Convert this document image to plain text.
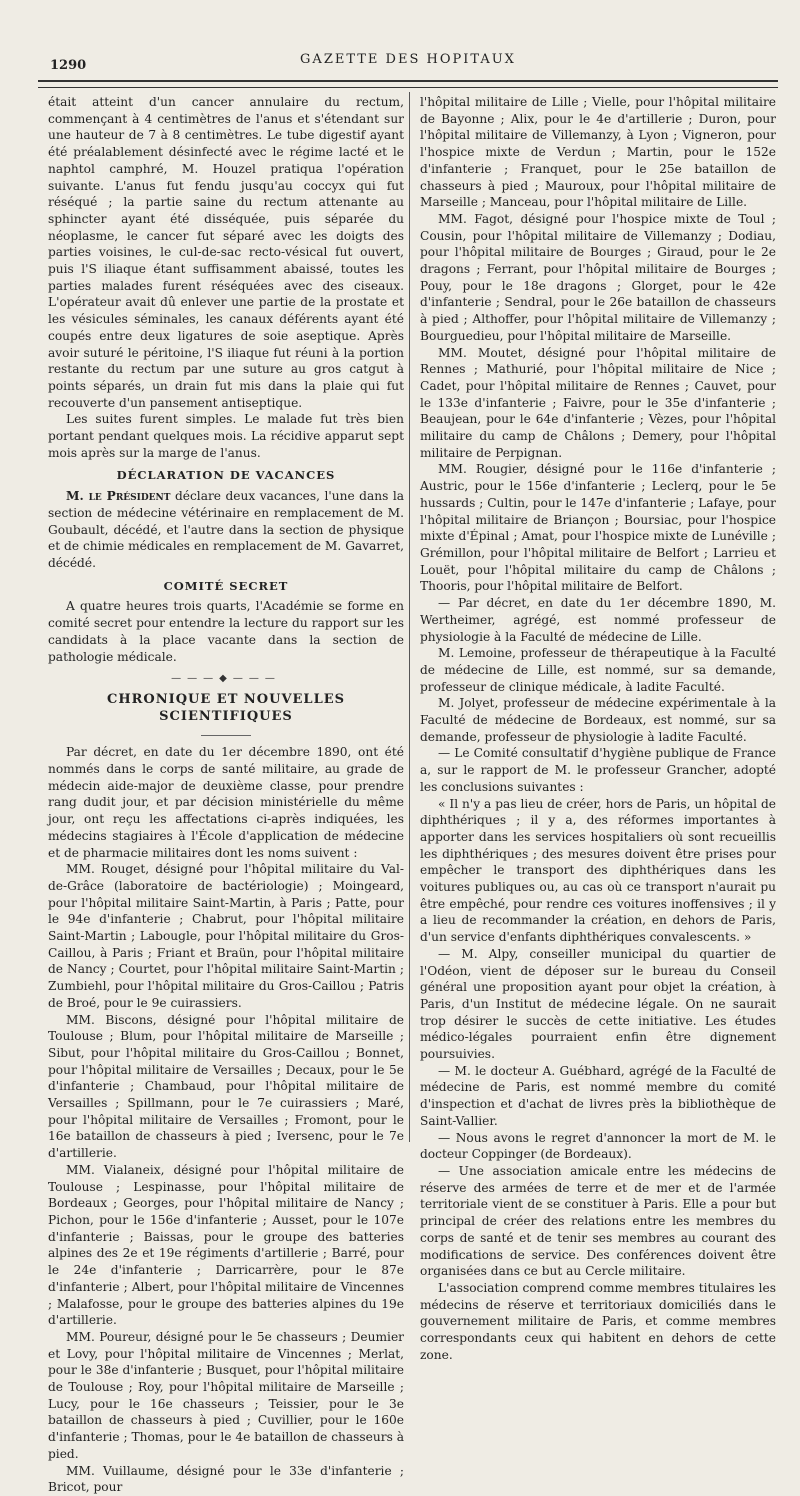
1290	GAZETTE DES HOPITAUX

était atteint d'un cancer annulaire du rectum, commençant à 4 centimètres de l'anus et s'étendant sur une hauteur de 7 à 8 centimètres. Le tube digestif ayant été préalablement désinfecté avec le régime lacté et le naphtol camphré, M. Houzel pratiqua l'opération suivante. L'anus fut fendu jusqu'au coccyx qui fut réséqué ; la partie saine du rectum attenante au sphincter ayant été disséquée, puis séparée du néoplasme, le cancer fut séparé avec les doigts des parties voisines, le cul-de-sac recto-vésical fut ouvert, puis l'S iliaque étant suffisamment abaissé, toutes les parties malades furent réséquées avec des ciseaux. L'opérateur avait dû enlever une partie de la prostate et les vésicules séminales, les canaux déférents ayant été coupés entre deux ligatures de soie aseptique. Après avoir suturé le péritoine, l'S iliaque fut réuni à la portion restante du rectum par une suture au gros catgut à points séparés, un drain fut mis dans la plaie qui fut recouverte d'un pansement antiseptique.

Les suites furent simples. Le malade fut très bien portant pendant quelques mois. La récidive apparut sept mois après sur la marge de l'anus.

DÉCLARATION DE VACANCES

M. le Président déclare deux vacances, l'une dans la section de médecine vétérinaire en remplacement de M. Goubault, décédé, et l'autre dans la section de physique et de chimie médicales en remplacement de M. Gavarret, décédé.

COMITÉ SECRET

A quatre heures trois quarts, l'Académie se forme en comité secret pour entendre la lecture du rapport sur les candidats à la place vacante dans la section de pathologie médicale.

———◆———
CHRONIQUE ET NOUVELLES SCIENTIFIQUES

Par décret, en date du 1er décembre 1890, ont été nommés dans le corps de santé militaire, au grade de médecin aide-major de deuxième classe, pour prendre rang dudit jour, et par décision ministérielle du même jour, ont reçu les affectations ci-après indiquées, les médecins stagiaires à l'École d'application de médecine et de pharmacie militaires dont les noms suivent :

MM. Rouget, désigné pour l'hôpital militaire du Val-de-Grâce (laboratoire de bactériologie) ; Moingeard, pour l'hôpital militaire Saint-Martin, à Paris ; Patte, pour le 94e d'infanterie ; Chabrut, pour l'hôpital militaire Saint-Martin ; Labougle, pour l'hôpital militaire du Gros-Caillou, à Paris ; Friant et Braün, pour l'hôpital militaire de Nancy ; Courtet, pour l'hôpital militaire Saint-Martin ; Zumbiehl, pour l'hôpital militaire du Gros-Caillou ; Patris de Broé, pour le 9e cuirassiers.

MM. Biscons, désigné pour l'hôpital militaire de Toulouse ; Blum, pour l'hôpital militaire de Marseille ; Sibut, pour l'hôpital militaire du Gros-Caillou ; Bonnet, pour l'hôpital militaire de Versailles ; Decaux, pour le 5e d'infanterie ; Chambaud, pour l'hôpital militaire de Versailles ; Spillmann, pour le 7e cuirassiers ; Maré, pour l'hôpital militaire de Versailles ; Fromont, pour le 16e bataillon de chasseurs à pied ; Iversenc, pour le 7e d'artillerie.

MM. Vialaneix, désigné pour l'hôpital militaire de Toulouse ; Lespinasse, pour l'hôpital militaire de Bordeaux ; Georges, pour l'hôpital militaire de Nancy ; Pichon, pour le 156e d'infanterie ; Ausset, pour le 107e d'infanterie ; Baissas, pour le groupe des batteries alpines des 2e et 19e régiments d'artillerie ; Barré, pour le 24e d'infanterie ; Darricarrère, pour le 87e d'infanterie ; Albert, pour l'hôpital militaire de Vincennes ; Malafosse, pour le groupe des batteries alpines du 19e d'artillerie.

MM. Poureur, désigné pour le 5e chasseurs ; Deumier et Lovy, pour l'hôpital militaire de Vincennes ; Merlat, pour le 38e d'infanterie ; Busquet, pour l'hôpital militaire de Toulouse ; Roy, pour l'hôpital militaire de Marseille ; Lucy, pour le 16e chasseurs ; Teissier, pour le 3e bataillon de chasseurs à pied ; Cuvillier, pour le 160e d'infanterie ; Thomas, pour le 4e bataillon de chasseurs à pied.

MM. Vuillaume, désigné pour le 33e d'infanterie ; Bricot, pour

l'hôpital militaire de Lille ; Vielle, pour l'hôpital militaire de Bayonne ; Alix, pour le 4e d'artillerie ; Duron, pour l'hôpital militaire de Villemanzy, à Lyon ; Vigneron, pour l'hospice mixte de Verdun ; Martin, pour le 152e d'infanterie ; Franquet, pour le 25e bataillon de chasseurs à pied ; Mauroux, pour l'hôpital militaire de Marseille ; Manceau, pour l'hôpital militaire de Lille.

MM. Fagot, désigné pour l'hospice mixte de Toul ; Cousin, pour l'hôpital militaire de Villemanzy ; Dodiau, pour l'hôpital militaire de Bourges ; Giraud, pour le 2e dragons ; Ferrant, pour l'hôpital militaire de Bourges ; Pouy, pour le 18e dragons ; Glorget, pour le 42e d'infanterie ; Sendral, pour le 26e bataillon de chasseurs à pied ; Althoffer, pour l'hôpital militaire de Villemanzy ; Bourguedieu, pour l'hôpital militaire de Marseille.

MM. Moutet, désigné pour l'hôpital militaire de Rennes ; Mathurié, pour l'hôpital militaire de Nice ; Cadet, pour l'hôpital militaire de Rennes ; Cauvet, pour le 133e d'infanterie ; Faivre, pour le 35e d'infanterie ; Beaujean, pour le 64e d'infanterie ; Vèzes, pour l'hôpital militaire du camp de Châlons ; Demery, pour l'hôpital militaire de Perpignan.

MM. Rougier, désigné pour le 116e d'infanterie ; Austric, pour le 156e d'infanterie ; Leclerq, pour le 5e hussards ; Cultin, pour le 147e d'infanterie ; Lafaye, pour l'hôpital militaire de Briançon ; Boursiac, pour l'hospice mixte d'Épinal ; Amat, pour l'hospice mixte de Lunéville ; Grémillon, pour l'hôpital militaire de Belfort ; Larrieu et Louët, pour l'hôpital militaire du camp de Châlons ; Thooris, pour l'hôpital militaire de Belfort.

— Par décret, en date du 1er décembre 1890, M. Wertheimer, agrégé, est nommé professeur de physiologie à la Faculté de médecine de Lille.

M. Lemoine, professeur de thérapeutique à la Faculté de médecine de Lille, est nommé, sur sa demande, professeur de clinique médicale, à ladite Faculté.

M. Jolyet, professeur de médecine expérimentale à la Faculté de médecine de Bordeaux, est nommé, sur sa demande, professeur de physiologie à ladite Faculté.

— Le Comité consultatif d'hygiène publique de France a, sur le rapport de M. le professeur Grancher, adopté les conclusions suivantes :

« Il n'y a pas lieu de créer, hors de Paris, un hôpital de diphthériques ; il y a, des réformes importantes à apporter dans les services hospitaliers où sont recueillis les diphthériques ; des mesures doivent être prises pour empêcher le transport des diphthériques dans les voitures publiques ou, au cas où ce transport n'aurait pu être empêché, pour rendre ces voitures inoffensives ; il y a lieu de recommander la création, en dehors de Paris, d'un service d'enfants diphthériques convalescents. »

— M. Alpy, conseiller municipal du quartier de l'Odéon, vient de déposer sur le bureau du Conseil général une proposition ayant pour objet la création, à Paris, d'un Institut de médecine légale. On ne saurait trop désirer le succès de cette initiative. Les études médico-légales pourraient enfin être dignement poursuivies.

— M. le docteur A. Guébhard, agrégé de la Faculté de médecine de Paris, est nommé membre du comité d'inspection et d'achat de livres près la bibliothèque de Saint-Vallier.

— Nous avons le regret d'annoncer la mort de M. le docteur Coppinger (de Bordeaux).

— Une association amicale entre les médecins de réserve des armées de terre et de mer et de l'armée territoriale vient de se constituer à Paris. Elle a pour but principal de créer des relations entre les membres du corps de santé et de tenir ses membres au courant des modifications de service. Des conférences doivent être organisées dans ce but au Cercle militaire.

L'association comprend comme membres titulaires les médecins de réserve et territoriaux domiciliés dans le gouvernement militaire de Paris, et comme membres correspondants ceux qui habitent en dehors de cette zone.
